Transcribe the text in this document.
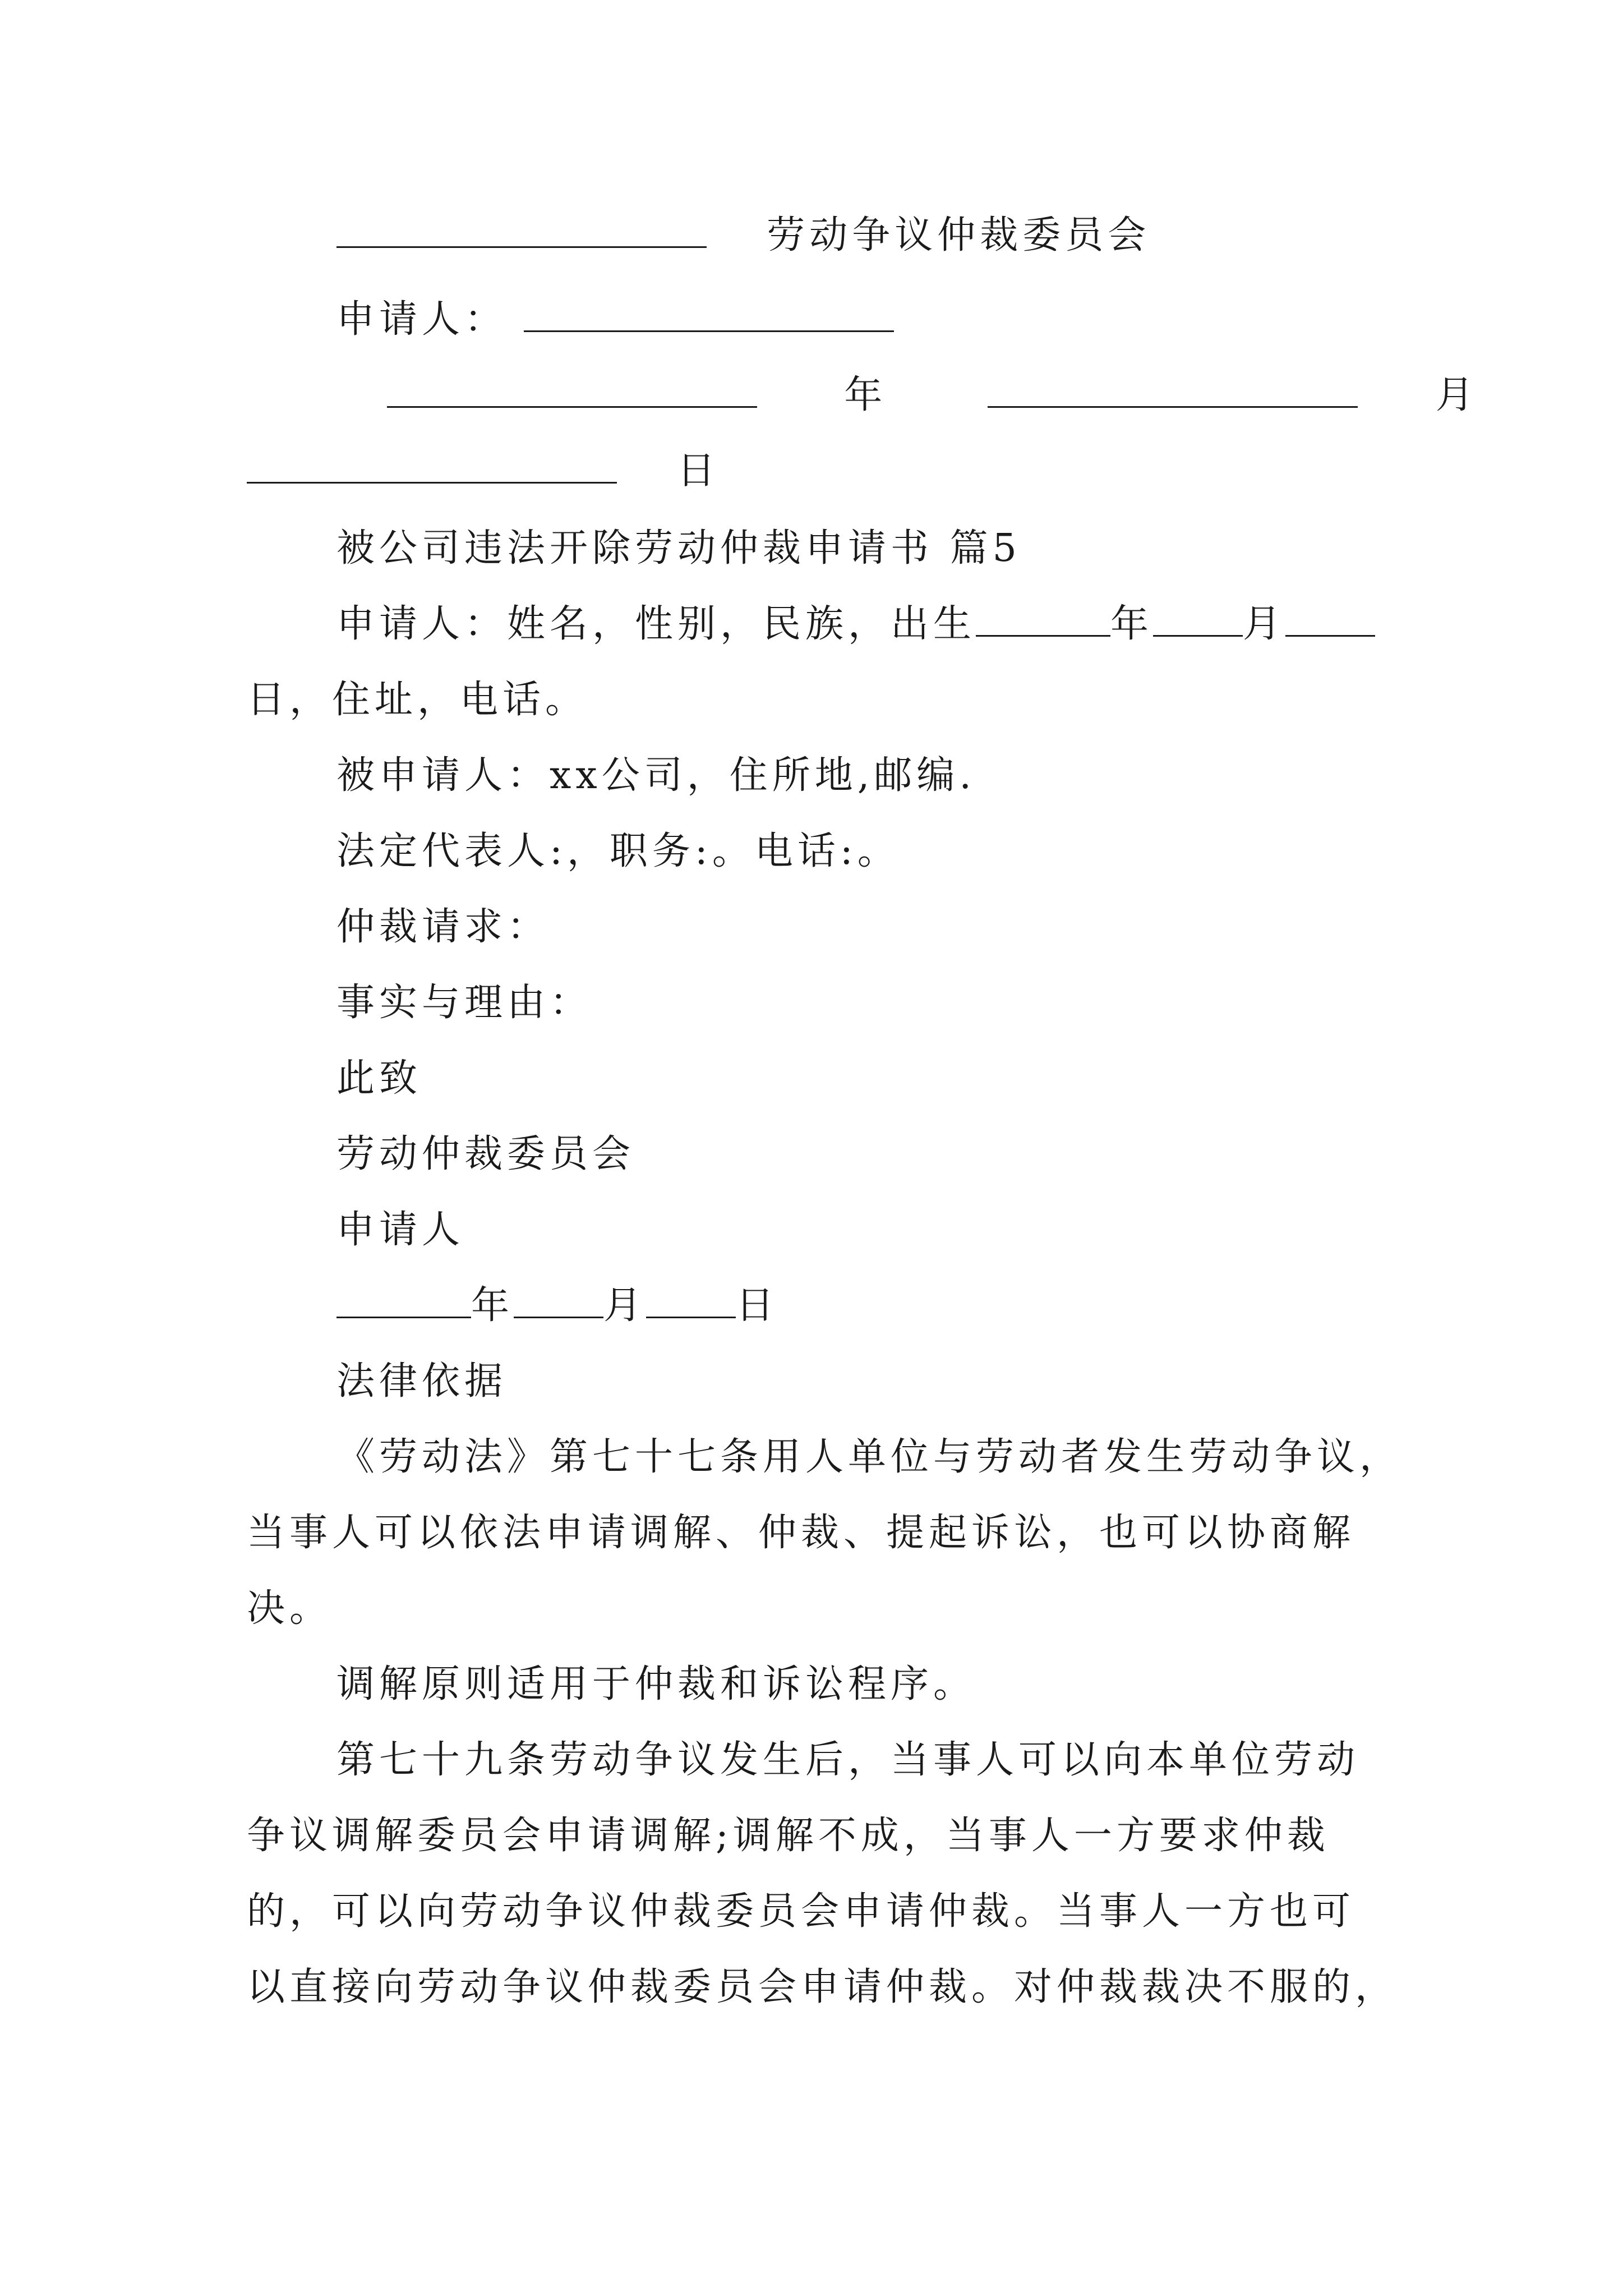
劳动争议仲裁委员会
申请人：
年	月
日
被公司违法开除劳动仲裁申请书 篇5
申请人：姓名，性别，民族，出生	年 月
日，住址，电话。
被申请人：xx公司，住所地,邮编.
法定代表人:，职务:。电话:。
仲裁请求：
事实与理由：
此致
劳动仲裁委员会
申请人
年 月 日
法律依据
《劳动法》第七十七条用人单位与劳动者发生劳动争议，
当事人可以依法申请调解、仲裁、提起诉讼，也可以协商解
决。
调解原则适用于仲裁和诉讼程序。
第七十九条劳动争议发生后，当事人可以向本单位劳动
争议调解委员会申请调解;调解不成，当事人一方要求仲裁
的，可以向劳动争议仲裁委员会申请仲裁。当事人一方也可
以直接向劳动争议仲裁委员会申请仲裁。对仲裁裁决不服的，
